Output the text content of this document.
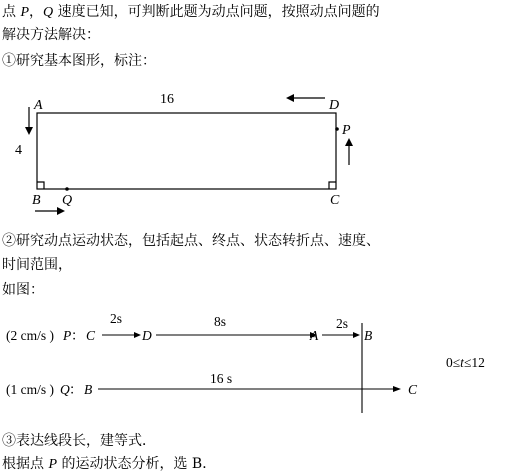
点 P，Q 速度已知，可判断此题为动点问题，按照动点问题的
解决方法解决：
①研究基本图形，标注：
16
4
A	D
P
B Q	C
②研究动点运动状态，包括起点、终点、状态转折点、速度、
时间范围，
如图：
(2 cm/s ) P ： C	D	A	B
2s	8s	2s
(1 cm/s ) Q ： B	C
16 s
0≤t≤12
③表达线段长，建等式．
根据点 P 的运动状态分析，选 B．
